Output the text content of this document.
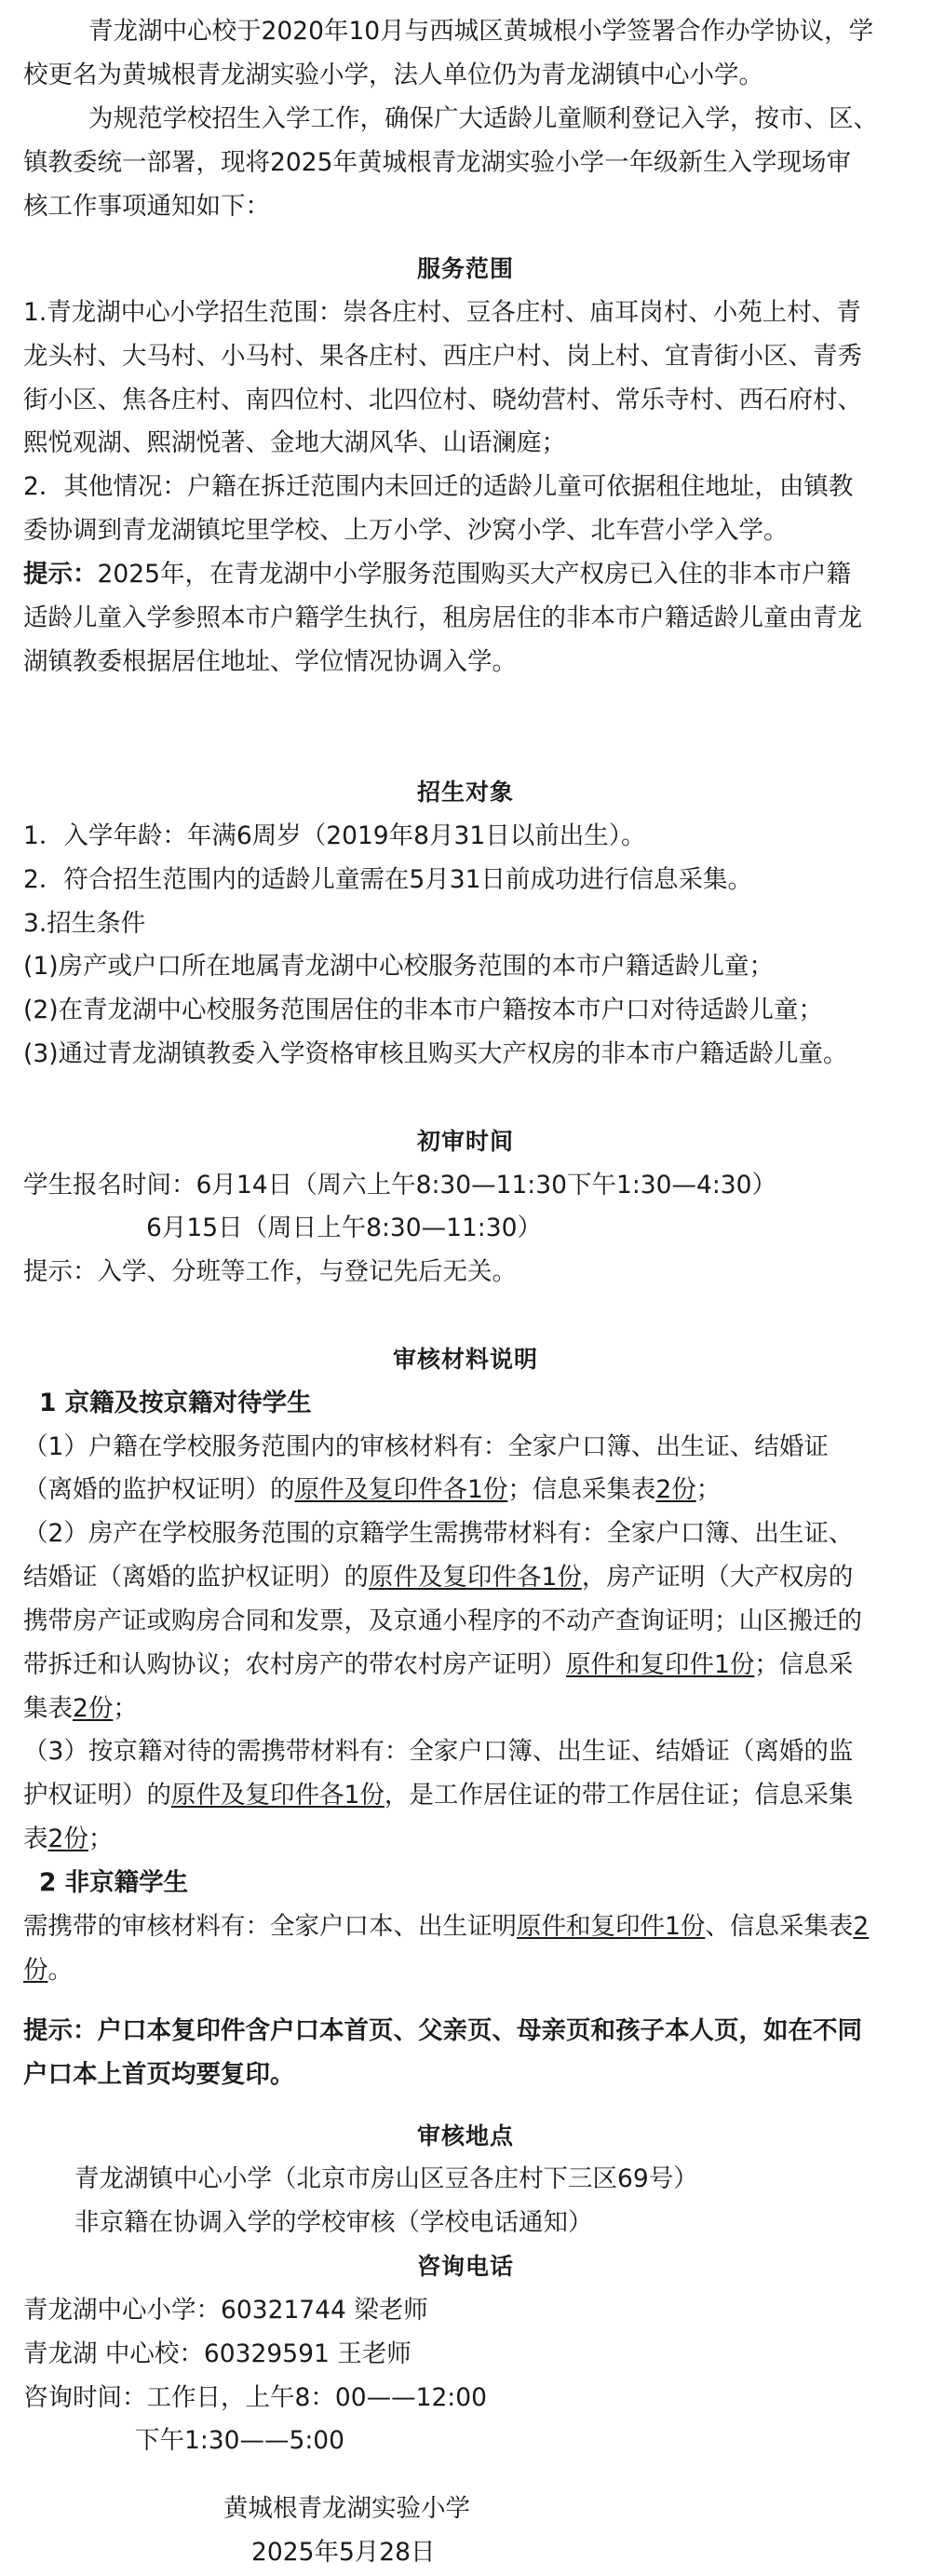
青龙湖中心校于2020年10月与西城区黄城根小学签署合作办学协议，学

校更名为黄城根青龙湖实验小学，法人单位仍为青龙湖镇中心小学。

为规范学校招生入学工作，确保广大适龄儿童顺利登记入学，按市、区、

镇教委统一部署，现将2025年黄城根青龙湖实验小学一年级新生入学现场审

核工作事项通知如下：

服务范围

1.青龙湖中心小学招生范围：崇各庄村、豆各庄村、庙耳岗村、小苑上村、青

龙头村、大马村、小马村、果各庄村、西庄户村、岗上村、宜青街小区、青秀

街小区、焦各庄村、南四位村、北四位村、晓幼营村、常乐寺村、西石府村、

熙悦观湖、熙湖悦著、金地大湖风华、山语澜庭；

2．其他情况：户籍在拆迁范围内未回迁的适龄儿童可依据租住地址，由镇教

委协调到青龙湖镇坨里学校、上万小学、沙窝小学、北车营小学入学。

提示：2025年，在青龙湖中小学服务范围购买大产权房已入住的非本市户籍

适龄儿童入学参照本市户籍学生执行，租房居住的非本市户籍适龄儿童由青龙

湖镇教委根据居住地址、学位情况协调入学。

招生对象

1．入学年龄：年满6周岁（2019年8月31日以前出生）。

2．符合招生范围内的适龄儿童需在5月31日前成功进行信息采集。

3.招生条件

(1)房产或户口所在地属青龙湖中心校服务范围的本市户籍适龄儿童；

(2)在青龙湖中心校服务范围居住的非本市户籍按本市户口对待适龄儿童；

(3)通过青龙湖镇教委入学资格审核且购买大产权房的非本市户籍适龄儿童。

初审时间

学生报名时间：6月14日（周六上午8:30—11:30下午1:30—4:30）

6月15日（周日上午8:30—11:30）

提示：入学、分班等工作，与登记先后无关。

审核材料说明

1 京籍及按京籍对待学生

（1）户籍在学校服务范围内的审核材料有：全家户口簿、出生证、结婚证

（离婚的监护权证明）的原件及复印件各1份；信息采集表2份；

（2）房产在学校服务范围的京籍学生需携带材料有：全家户口簿、出生证、

结婚证（离婚的监护权证明）的原件及复印件各1份，房产证明（大产权房的

携带房产证或购房合同和发票，及京通小程序的不动产查询证明；山区搬迁的

带拆迁和认购协议；农村房产的带农村房产证明）原件和复印件1份；信息采

集表2份；

（3）按京籍对待的需携带材料有：全家户口簿、出生证、结婚证（离婚的监

护权证明）的原件及复印件各1份，是工作居住证的带工作居住证；信息采集

表2份；

2 非京籍学生

需携带的审核材料有：全家户口本、出生证明原件和复印件1份、信息采集表2

份。

提示：户口本复印件含户口本首页、父亲页、母亲页和孩子本人页，如在不同

户口本上首页均要复印。

审核地点

青龙湖镇中心小学（北京市房山区豆各庄村下三区69号）

非京籍在协调入学的学校审核（学校电话通知）

咨询电话

青龙湖中心小学：60321744 梁老师

青龙湖 中心校：60329591 王老师

咨询时间：工作日，上午8：00——12:00

下午1:30——5:00

黄城根青龙湖实验小学

2025年5月28日
